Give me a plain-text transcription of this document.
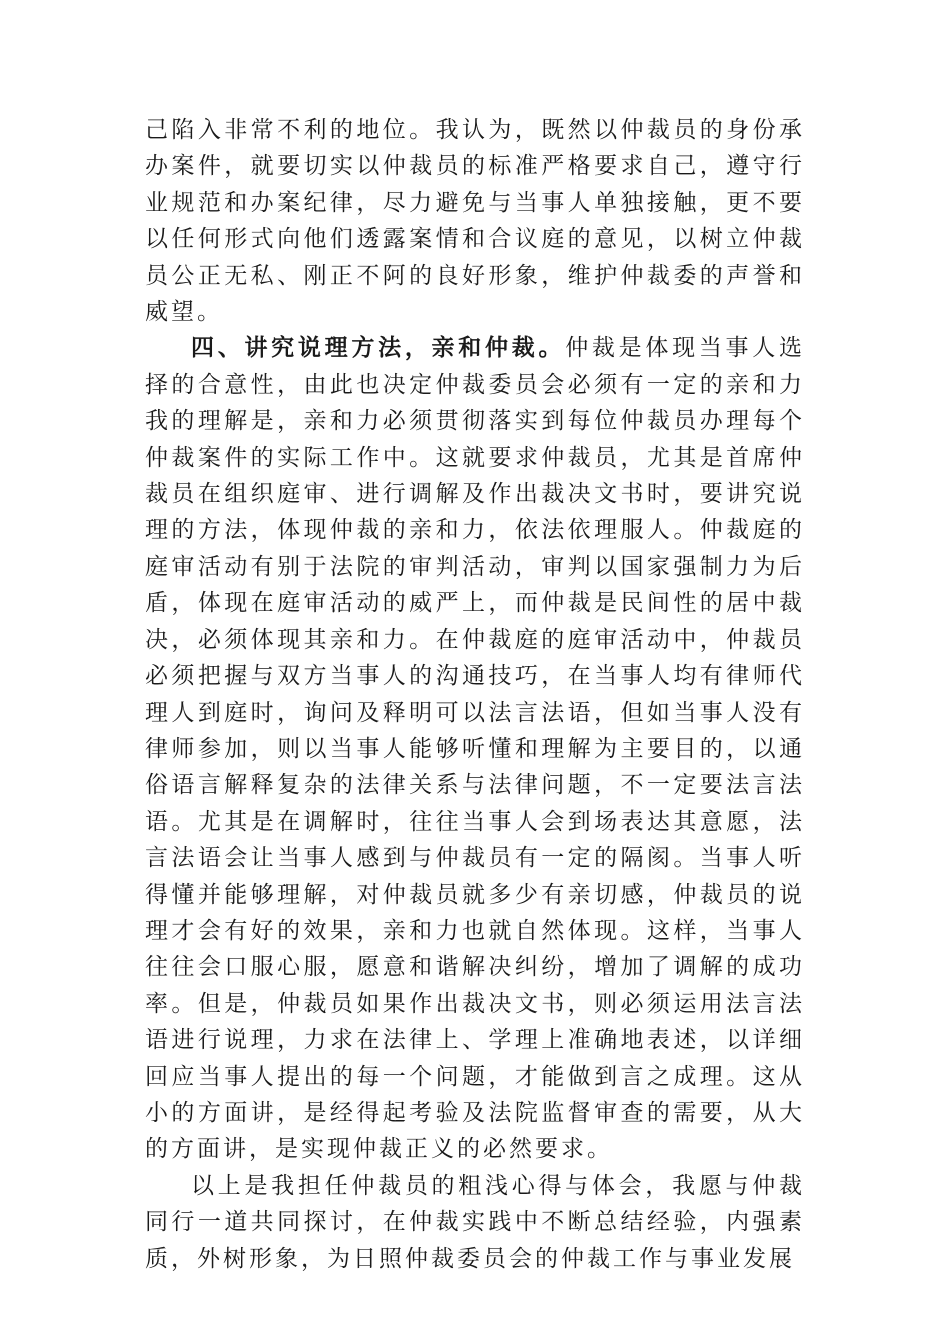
己陷入非常不利的地位。我认为，既然以仲裁员的身份承办案件，就要切实以仲裁员的标准严格要求自己，遵守行业规范和办案纪律，尽力避免与当事人单独接触，更不要以任何形式向他们透露案情和合议庭的意见，以树立仲裁员公正无私、刚正不阿的良好形象，维护仲裁委的声誉和威望。

四、讲究说理方法，亲和仲裁。仲裁是体现当事人选择的合意性，由此也决定仲裁委员会必须有一定的亲和力我的理解是，亲和力必须贯彻落实到每位仲裁员办理每个仲裁案件的实际工作中。这就要求仲裁员，尤其是首席仲裁员在组织庭审、进行调解及作出裁决文书时，要讲究说理的方法，体现仲裁的亲和力，依法依理服人。仲裁庭的庭审活动有别于法院的审判活动，审判以国家强制力为后盾，体现在庭审活动的威严上，而仲裁是民间性的居中裁决，必须体现其亲和力。在仲裁庭的庭审活动中，仲裁员必须把握与双方当事人的沟通技巧，在当事人均有律师代理人到庭时，询问及释明可以法言法语，但如当事人没有律师参加，则以当事人能够听懂和理解为主要目的，以通俗语言解释复杂的法律关系与法律问题，不一定要法言法语。尤其是在调解时，往往当事人会到场表达其意愿，法言法语会让当事人感到与仲裁员有一定的隔阂。当事人听得懂并能够理解，对仲裁员就多少有亲切感，仲裁员的说理才会有好的效果，亲和力也就自然体现。这样，当事人往往会口服心服，愿意和谐解决纠纷，增加了调解的成功率。但是，仲裁员如果作出裁决文书，则必须运用法言法语进行说理，力求在法律上、学理上准确地表述，以详细回应当事人提出的每一个问题，才能做到言之成理。这从小的方面讲，是经得起考验及法院监督审查的需要，从大的方面讲，是实现仲裁正义的必然要求。

以上是我担任仲裁员的粗浅心得与体会，我愿与仲裁同行一道共同探讨，在仲裁实践中不断总结经验，内强素质，外树形象，为日照仲裁委员会的仲裁工作与事业发展
